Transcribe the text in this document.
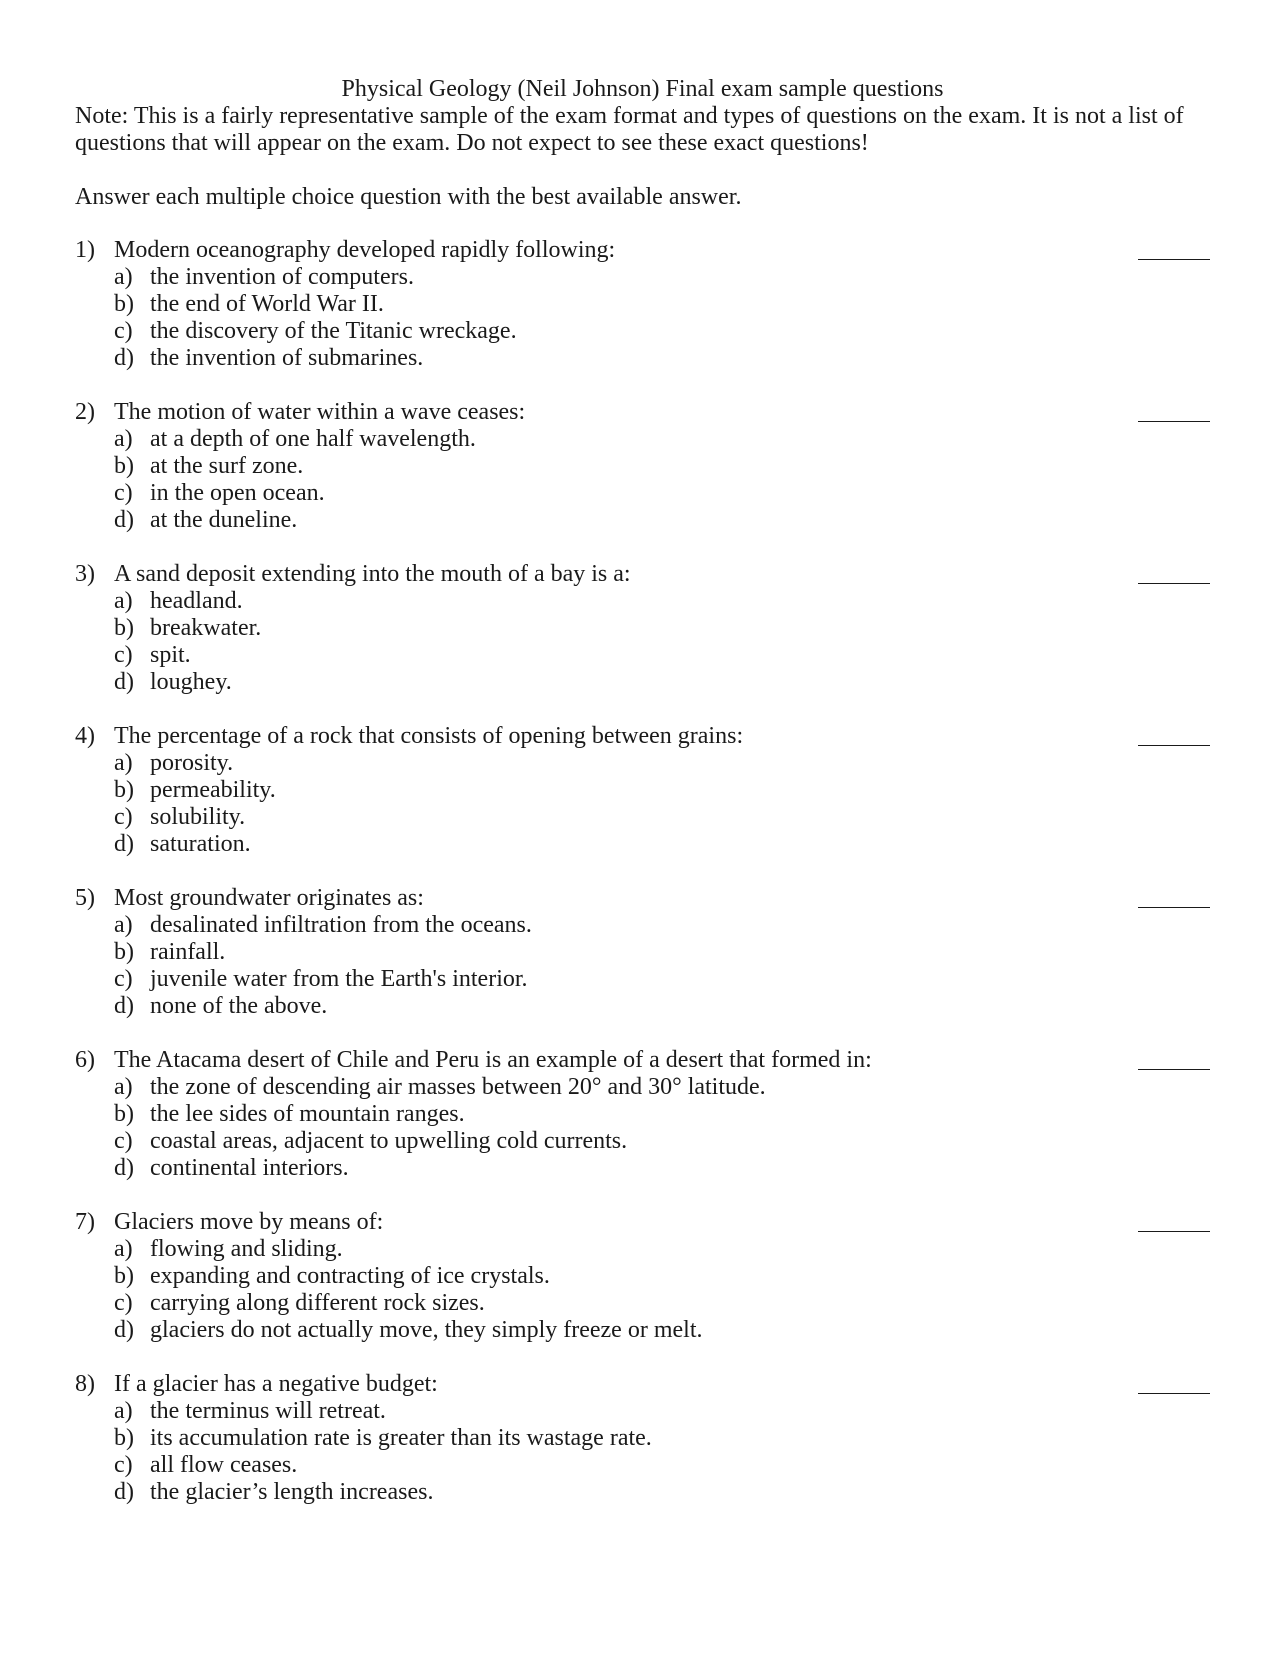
Physical Geology (Neil Johnson) Final exam sample questions

Note: This is a fairly representative sample of the exam format and types of questions on the exam. It is not a list of questions that will appear on the exam. Do not expect to see these exact questions!

Answer each multiple choice question with the best available answer.

1) Modern oceanography developed rapidly following:
a) the invention of computers.
b) the end of World War II.
c) the discovery of the Titanic wreckage.
d) the invention of submarines.
2) The motion of water within a wave ceases:
a) at a depth of one half wavelength.
b) at the surf zone.
c) in the open ocean.
d) at the duneline.
3) A sand deposit extending into the mouth of a bay is a:
a) headland.
b) breakwater.
c) spit.
d) loughey.
4) The percentage of a rock that consists of opening between grains:
a) porosity.
b) permeability.
c) solubility.
d) saturation.
5) Most groundwater originates as:
a) desalinated infiltration from the oceans.
b) rainfall.
c) juvenile water from the Earth's interior.
d) none of the above.
6) The Atacama desert of Chile and Peru is an example of a desert that formed in:
a) the zone of descending air masses between 20° and 30° latitude.
b) the lee sides of mountain ranges.
c) coastal areas, adjacent to upwelling cold currents.
d) continental interiors.
7) Glaciers move by means of:
a) flowing and sliding.
b) expanding and contracting of ice crystals.
c) carrying along different rock sizes.
d) glaciers do not actually move, they simply freeze or melt.
8) If a glacier has a negative budget:
a) the terminus will retreat.
b) its accumulation rate is greater than its wastage rate.
c) all flow ceases.
d) the glacier’s length increases.
